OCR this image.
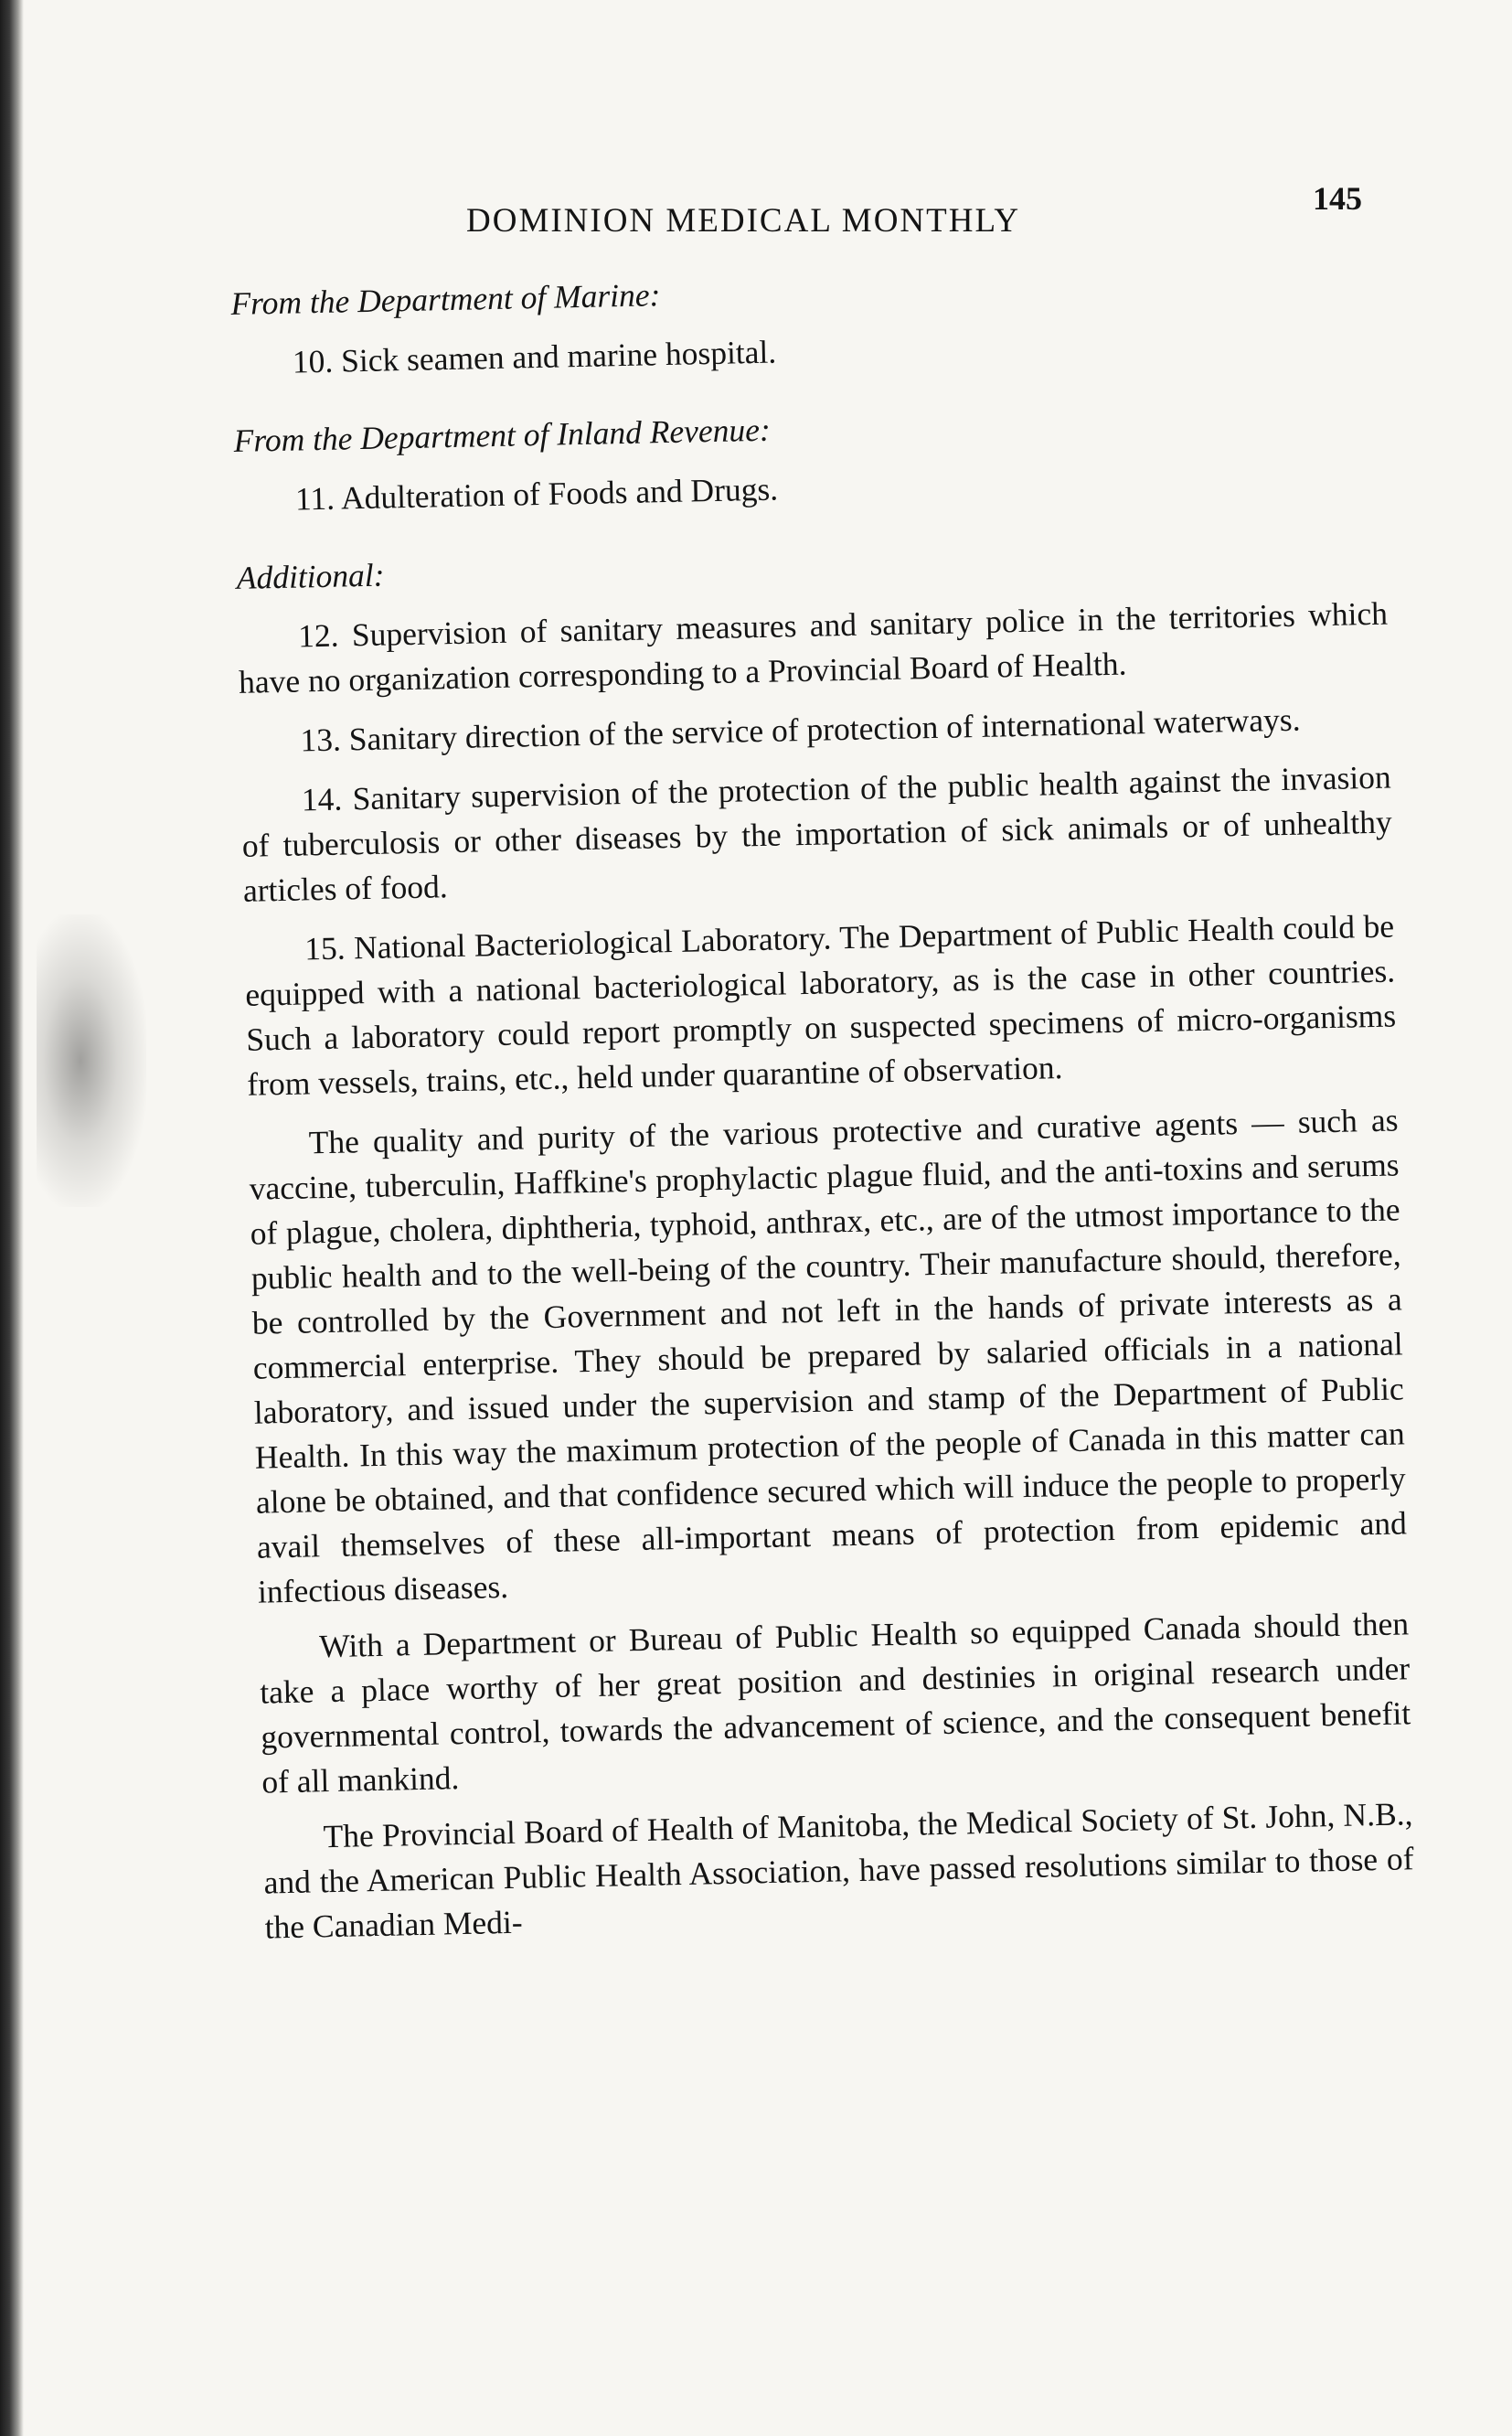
DOMINION MEDICAL MONTHLY
145

From the Department of Marine:

10. Sick seamen and marine hospital.

From the Department of Inland Revenue:

11. Adulteration of Foods and Drugs.

Additional:

12. Supervision of sanitary measures and sanitary police in the territories which have no organization corresponding to a Provincial Board of Health.

13. Sanitary direction of the service of protection of international waterways.

14. Sanitary supervision of the protection of the public health against the invasion of tuberculosis or other diseases by the importation of sick animals or of unhealthy articles of food.

15. National Bacteriological Laboratory. The Department of Public Health could be equipped with a national bacteriological laboratory, as is the case in other countries. Such a laboratory could report promptly on suspected specimens of micro-organisms from vessels, trains, etc., held under quarantine of observation.

The quality and purity of the various protective and curative agents — such as vaccine, tuberculin, Haffkine's prophylactic plague fluid, and the anti-toxins and serums of plague, cholera, diphtheria, typhoid, anthrax, etc., are of the utmost importance to the public health and to the well-being of the country. Their manufacture should, therefore, be controlled by the Government and not left in the hands of private interests as a commercial enterprise. They should be prepared by salaried officials in a national laboratory, and issued under the supervision and stamp of the Department of Public Health. In this way the maximum protection of the people of Canada in this matter can alone be obtained, and that confidence secured which will induce the people to properly avail themselves of these all-important means of protection from epidemic and infectious diseases.

With a Department or Bureau of Public Health so equipped Canada should then take a place worthy of her great position and destinies in original research under governmental control, towards the advancement of science, and the consequent benefit of all mankind.

The Provincial Board of Health of Manitoba, the Medical Society of St. John, N.B., and the American Public Health Association, have passed resolutions similar to those of the Canadian Medi-
